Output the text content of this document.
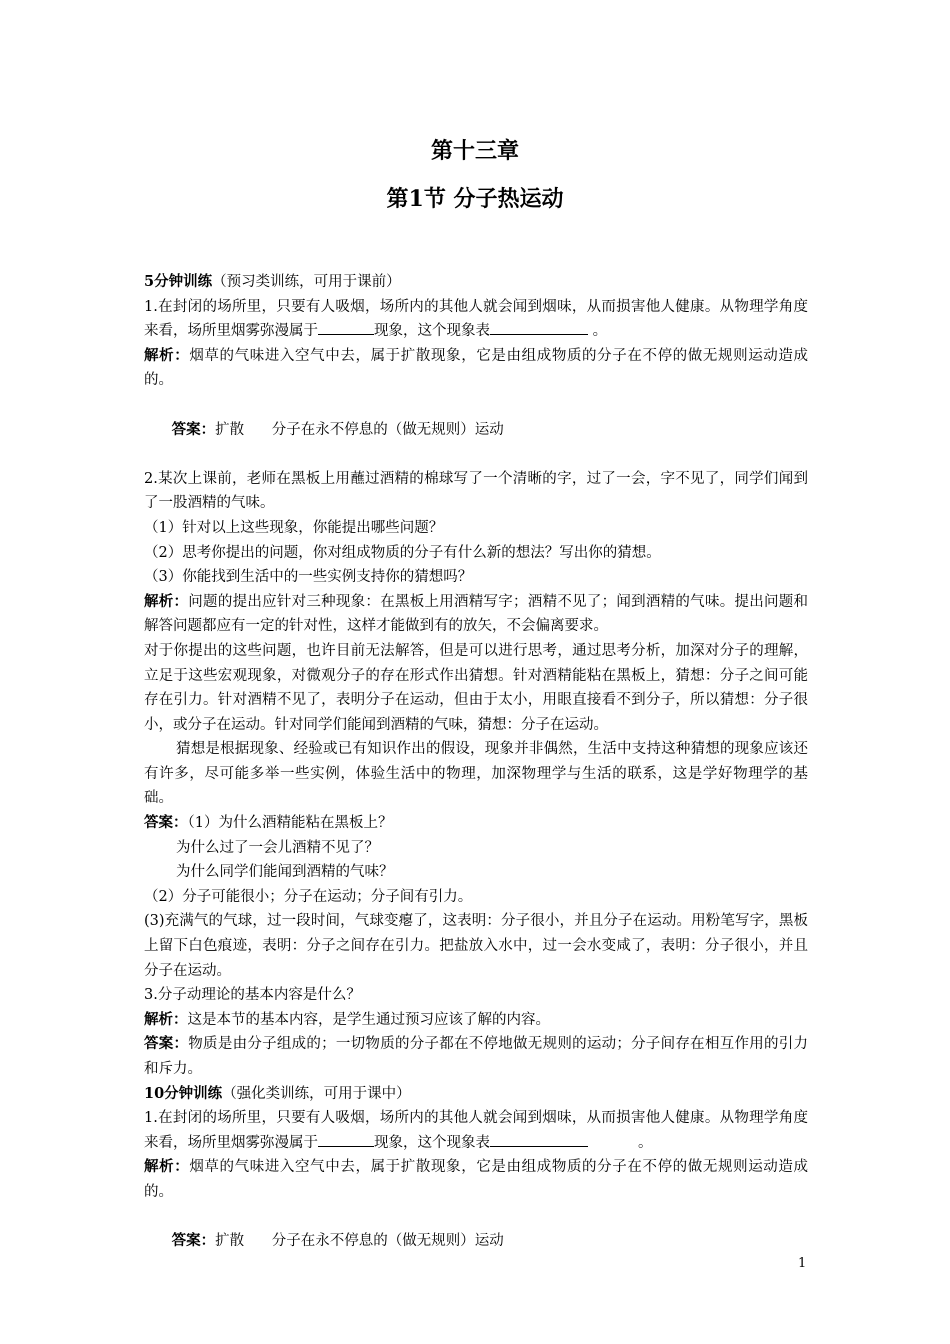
第十三章
第1节 分子热运动

5分钟训练（预习类训练，可用于课前）

1.在封闭的场所里，只要有人吸烟，场所内的其他人就会闻到烟味，从而损害他人健康。从物理学角度来看，场所里烟雾弥漫属于	现象，这个现象表	。

解析：烟草的气味进入空气中去，属于扩散现象，它是由组成物质的分子在不停的做无规则运动造成的。

答案：扩散      分子在永不停息的（做无规则）运动

2.某次上课前，老师在黑板上用蘸过酒精的棉球写了一个清晰的字，过了一会，字不见了，同学们闻到了一股酒精的气味。

（1）针对以上这些现象，你能提出哪些问题？

（2）思考你提出的问题，你对组成物质的分子有什么新的想法？写出你的猜想。

（3）你能找到生活中的一些实例支持你的猜想吗？

解析：问题的提出应针对三种现象：在黑板上用酒精写字；酒精不见了；闻到酒精的气味。提出问题和解答问题都应有一定的针对性，这样才能做到有的放矢，不会偏离要求。

对于你提出的这些问题，也许目前无法解答，但是可以进行思考，通过思考分析，加深对分子的理解，立足于这些宏观现象，对微观分子的存在形式作出猜想。针对酒精能粘在黑板上，猜想：分子之间可能存在引力。针对酒精不见了，表明分子在运动，但由于太小，用眼直接看不到分子，所以猜想：分子很小，或分子在运动。针对同学们能闻到酒精的气味，猜想：分子在运动。

猜想是根据现象、经验或已有知识作出的假设，现象并非偶然，生活中支持这种猜想的现象应该还有许多，尽可能多举一些实例，体验生活中的物理，加深物理学与生活的联系，这是学好物理学的基础。

答案：（1）为什么酒精能粘在黑板上？

为什么过了一会儿酒精不见了？

为什么同学们能闻到酒精的气味？

（2）分子可能很小；分子在运动；分子间有引力。

(3)充满气的气球，过一段时间，气球变瘪了，这表明：分子很小，并且分子在运动。用粉笔写字，黑板上留下白色痕迹，表明：分子之间存在引力。把盐放入水中，过一会水变咸了，表明：分子很小，并且分子在运动。

3.分子动理论的基本内容是什么？

解析：这是本节的基本内容，是学生通过预习应该了解的内容。

答案：物质是由分子组成的；一切物质的分子都在不停地做无规则的运动；分子间存在相互作用的引力和斥力。

10分钟训练（强化类训练，可用于课中）

1.在封闭的场所里，只要有人吸烟，场所内的其他人就会闻到烟味，从而损害他人健康。从物理学角度来看，场所里烟雾弥漫属于	现象，这个现象表	。

解析：烟草的气味进入空气中去，属于扩散现象，它是由组成物质的分子在不停的做无规则运动造成的。

答案：扩散      分子在永不停息的（做无规则）运动

1
